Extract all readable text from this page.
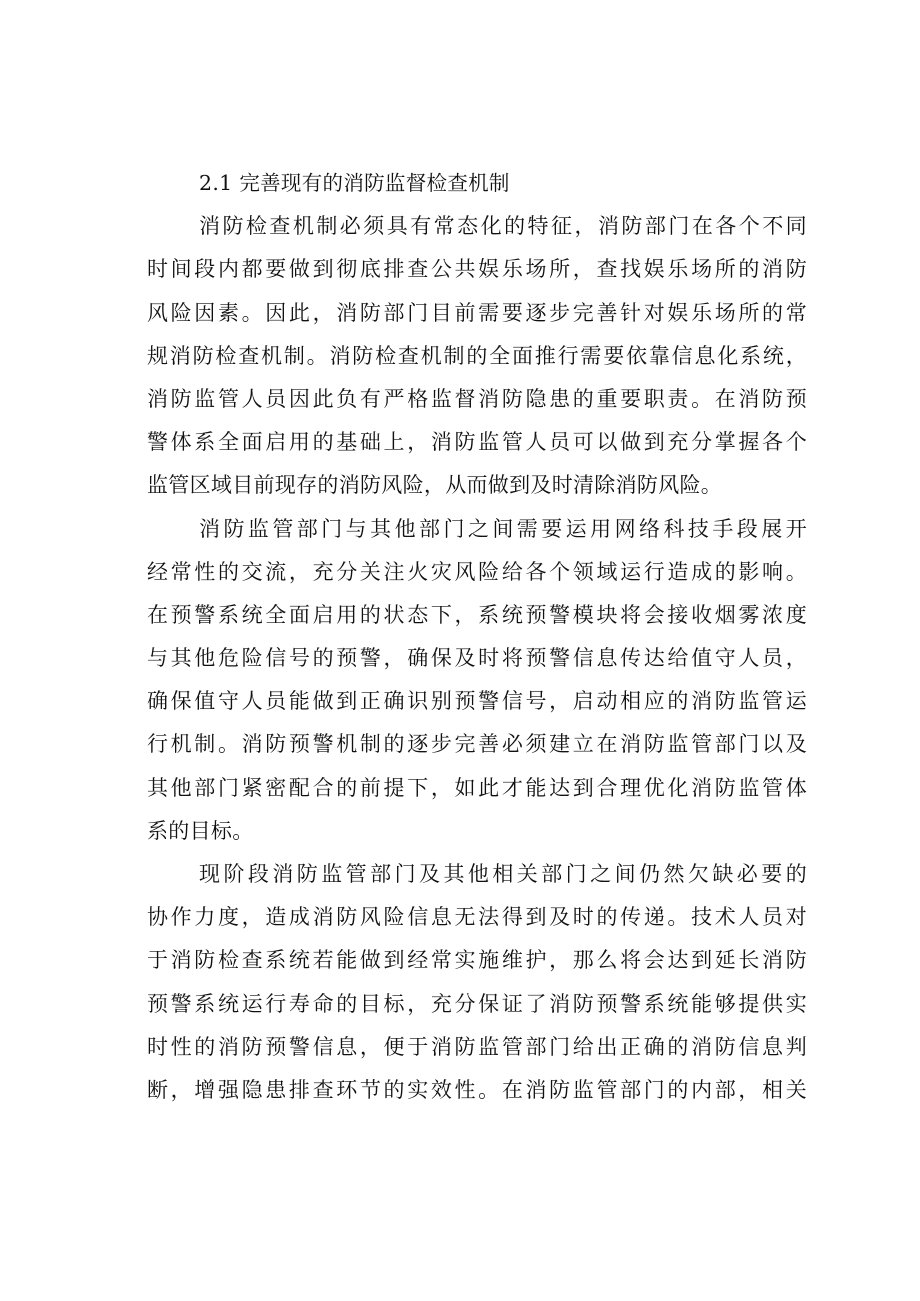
2.1 完善现有的消防监督检查机制
消防检查机制必须具有常态化的特征，消防部门在各个不同
时间段内都要做到彻底排查公共娱乐场所，查找娱乐场所的消防
风险因素。因此，消防部门目前需要逐步完善针对娱乐场所的常
规消防检查机制。消防检查机制的全面推行需要依靠信息化系统，
消防监管人员因此负有严格监督消防隐患的重要职责。在消防预
警体系全面启用的基础上，消防监管人员可以做到充分掌握各个
监管区域目前现存的消防风险，从而做到及时清除消防风险。
消防监管部门与其他部门之间需要运用网络科技手段展开
经常性的交流，充分关注火灾风险给各个领域运行造成的影响。
在预警系统全面启用的状态下，系统预警模块将会接收烟雾浓度
与其他危险信号的预警，确保及时将预警信息传达给值守人员，
确保值守人员能做到正确识别预警信号，启动相应的消防监管运
行机制。消防预警机制的逐步完善必须建立在消防监管部门以及
其他部门紧密配合的前提下，如此才能达到合理优化消防监管体
系的目标。
现阶段消防监管部门及其他相关部门之间仍然欠缺必要的
协作力度，造成消防风险信息无法得到及时的传递。技术人员对
于消防检查系统若能做到经常实施维护，那么将会达到延长消防
预警系统运行寿命的目标，充分保证了消防预警系统能够提供实
时性的消防预警信息，便于消防监管部门给出正确的消防信息判
断，增强隐患排查环节的实效性。在消防监管部门的内部，相关
